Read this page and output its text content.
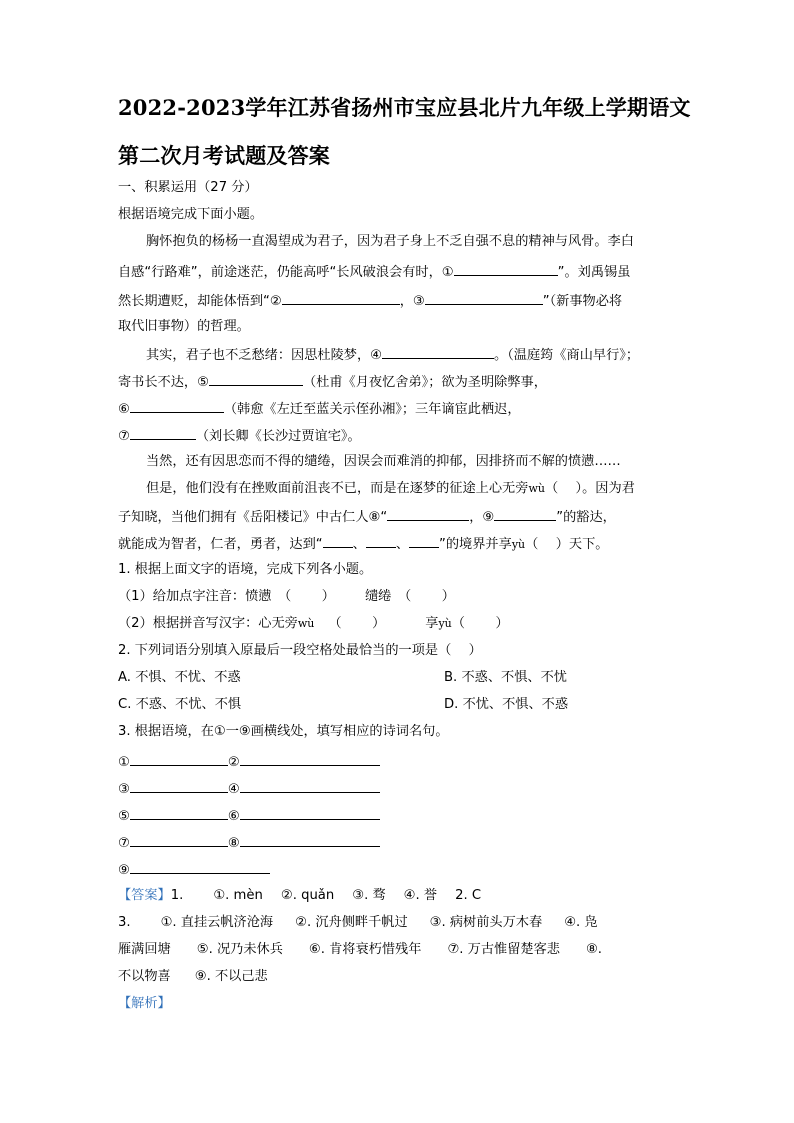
2022-2023学年江苏省扬州市宝应县北片九年级上学期语文
第二次月考试题及答案
一、积累运用（27 分）
根据语境完成下面小题。
胸怀抱负的杨杨一直渴望成为君子，因为君子身上不乏自强不息的精神与风骨。李白
自感“行路难”，前途迷茫，仍能高呼“长风破浪会有时，①	”。刘禹锡虽
然长期遭贬，却能体悟到“②	，③	”（新事物必将
取代旧事物）的哲理。
其实，君子也不乏愁绪：因思杜陵梦，④	。（温庭筠《商山早行》；
寄书长不达，⑤	（杜甫《月夜忆舍弟》；欲为圣明除弊事，
⑥	（韩愈《左迁至蓝关示侄孙湘》；三年谪宦此栖迟，
⑦	（刘长卿《长沙过贾谊宅》。
当然，还有因思恋而不得的缱绻，因误会而难消的抑郁，因排挤而不解的愤懑……
但是，他们没有在挫败面前沮丧不已，而是在逐梦的征途上心无旁wù（　 ）。因为君
子知晓，当他们拥有《岳阳楼记》中古仁人⑧“	，⑨	”的豁达，
就能成为智者，仁者，勇者，达到“ 、 、 ”的境界并享yù（　 ）天下。
1. 根据上面文字的语境，完成下列各小题。
（1）给加点字注音：愤懑　（　　 ） 缱绻　（　　 ）
（2）根据拼音写汉字：心无旁wù （　　 ）	享yù（　　 ）
2. 下列词语分别填入原最后一段空格处最恰当的一项是（　 ）
A. 不惧、不忧、不惑	B. 不惑、不惧、不忧
C. 不惑、不忧、不惧	D. 不忧、不惧、不惑
3. 根据语境，在①一⑨画横线处，填写相应的诗词名句。
①	②
③	④
⑤	⑥
⑦	⑧
⑨
【答案】1. ①. mèn ②. quǎn ③. 骛 ④. 誉 2. C
3. ①. 直挂云帆济沧海 ②. 沉舟侧畔千帆过 ③. 病树前头万木春 ④. 凫
雁满回塘 ⑤. 况乃未休兵 ⑥. 肯将衰朽惜残年 ⑦. 万古惟留楚客悲 ⑧.
不以物喜 ⑨. 不以己悲
【解析】
